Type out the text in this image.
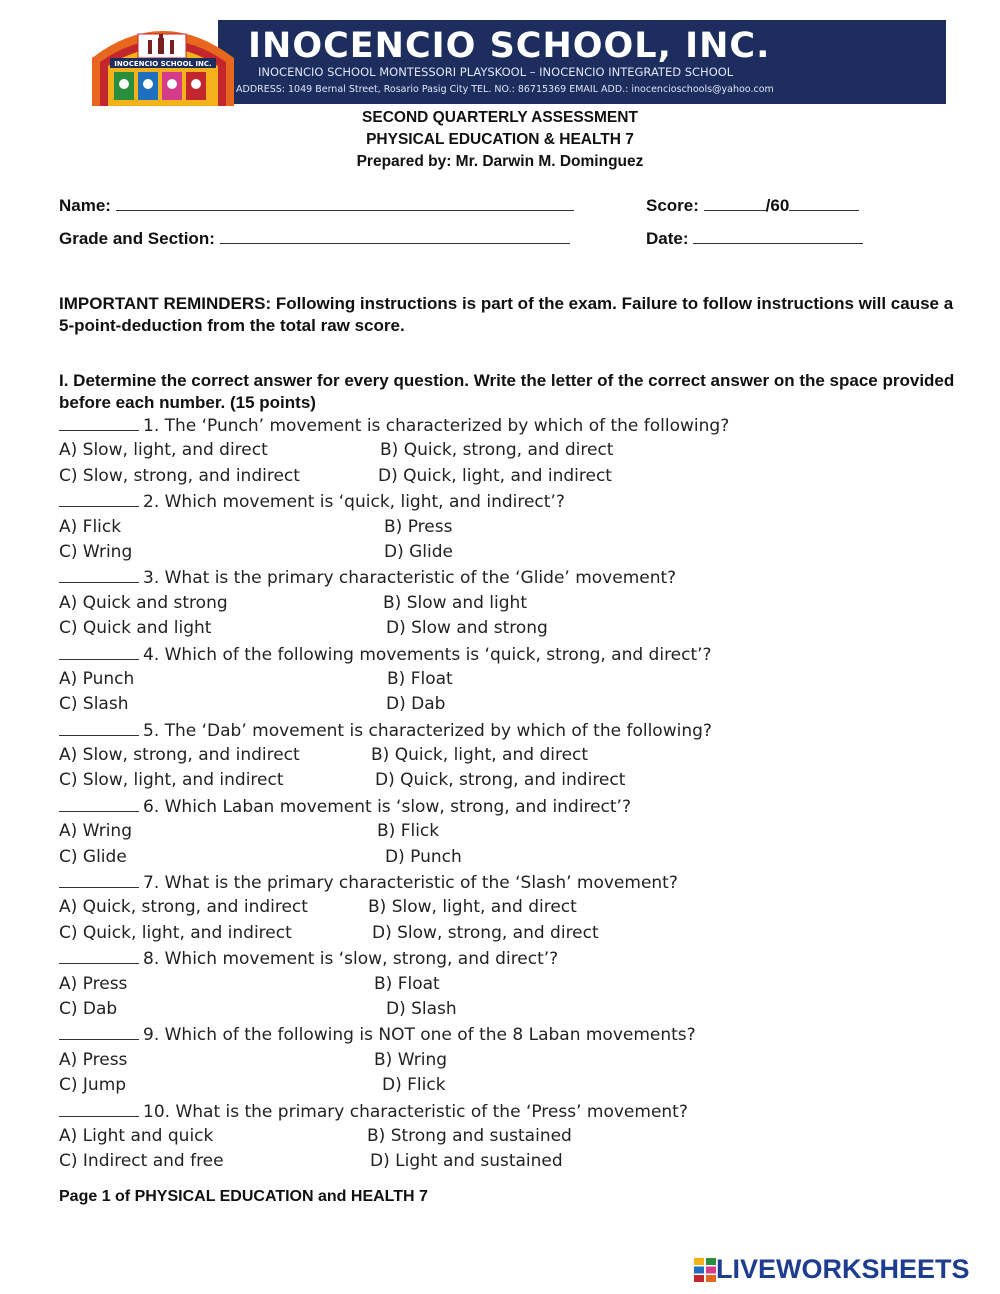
INOCENCIO SCHOOL, INC.
INOCENCIO SCHOOL MONTESSORI PLAYSKOOL – INOCENCIO INTEGRATED SCHOOL
ADDRESS: 1049 Bernal Street, Rosario Pasig City TEL. NO.: 86715369 EMAIL ADD.: inocencioschools@yahoo.com
INOCENCIO SCHOOL INC.
SECOND QUARTERLY ASSESSMENT
PHYSICAL EDUCATION & HEALTH 7
Prepared by: Mr. Darwin M. Dominguez
Name:	Score:	/60
Grade and Section:	Date:
IMPORTANT REMINDERS: Following instructions is part of the exam. Failure to follow instructions will cause a 5-point-deduction from the total raw score.
I. Determine the correct answer for every question. Write the letter of the correct answer on the space provided before each number. (15 points)
1. The ‘Punch’ movement is characterized by which of the following?
A) Slow, light, and direct	B) Quick, strong, and direct
C) Slow, strong, and indirect	D) Quick, light, and indirect
2. Which movement is ‘quick, light, and indirect’?
A) Flick	B) Press
C) Wring	D) Glide
3. What is the primary characteristic of the ‘Glide’ movement?
A) Quick and strong	B) Slow and light
C) Quick and light	D) Slow and strong
4. Which of the following movements is ‘quick, strong, and direct’?
A) Punch	B) Float
C) Slash	D) Dab
5. The ‘Dab’ movement is characterized by which of the following?
A) Slow, strong, and indirect	B) Quick, light, and direct
C) Slow, light, and indirect	D) Quick, strong, and indirect
6. Which Laban movement is ‘slow, strong, and indirect’?
A) Wring	B) Flick
C) Glide	D) Punch
7. What is the primary characteristic of the ‘Slash’ movement?
A) Quick, strong, and indirect	B) Slow, light, and direct
C) Quick, light, and indirect	D) Slow, strong, and direct
8. Which movement is ‘slow, strong, and direct’?
A) Press	B) Float
C) Dab	D) Slash
9. Which of the following is NOT one of the 8 Laban movements?
A) Press	B) Wring
C) Jump	D) Flick
10. What is the primary characteristic of the ‘Press’ movement?
A) Light and quick	B) Strong and sustained
C) Indirect and free	D) Light and sustained
Page 1 of PHYSICAL EDUCATION and HEALTH 7
LIVEWORKSHEETS
